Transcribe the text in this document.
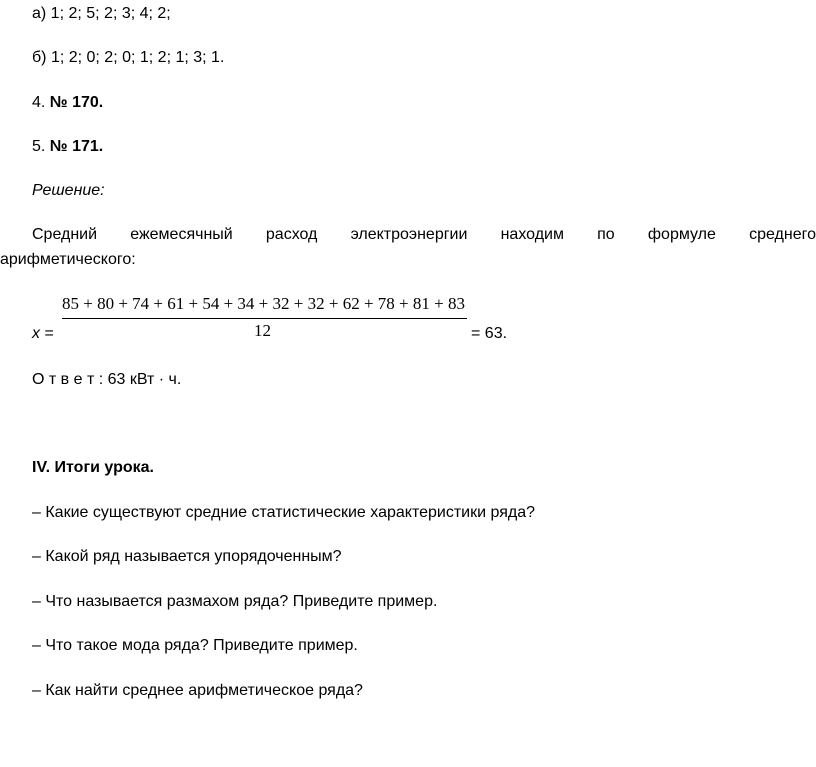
а) 1; 2; 5; 2; 3; 4; 2;
б) 1; 2; 0; 2; 0; 1; 2; 1; 3; 1.
4. № 170.
5. № 171.
Решение:
Средний ежемесячный расход электроэнергии находим по формуле среднего
арифметического:
85 + 80 + 74 + 61 + 54 + 34 + 32 + 32 + 62 + 78 + 81 + 83
12
x =	= 63.
О т в е т : 63 кВт · ч.
IV. Итоги урока.
– Какие существуют средние статистические характеристики ряда?
– Какой ряд называется упорядоченным?
– Что называется размахом ряда? Приведите пример.
– Что такое мода ряда? Приведите пример.
– Как найти среднее арифметическое ряда?
